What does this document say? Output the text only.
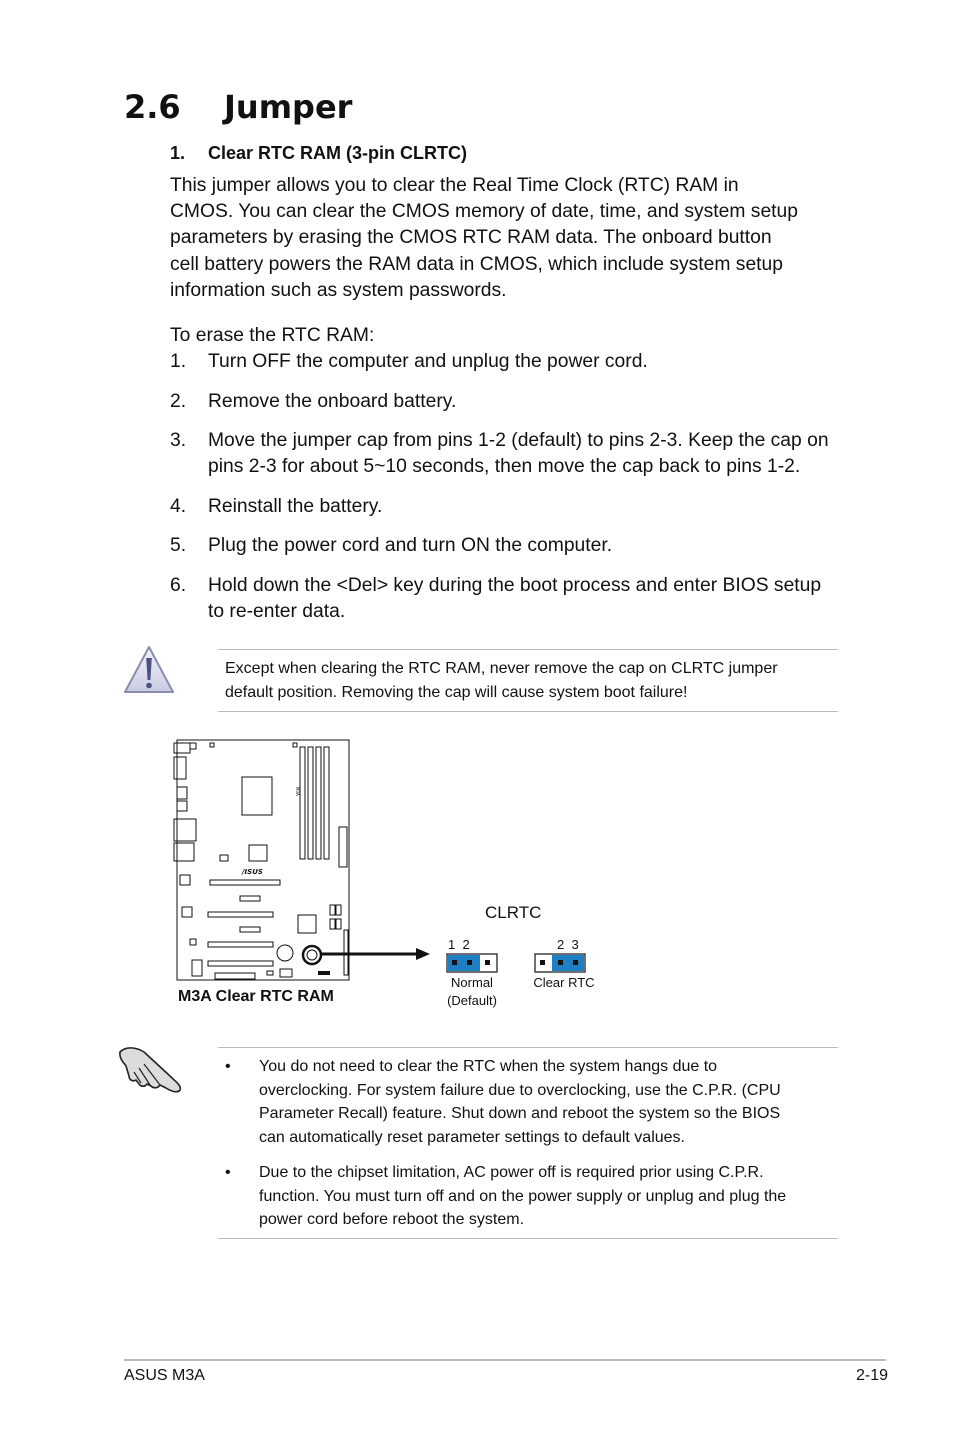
2.6 Jumper
1. Clear RTC RAM (3-pin CLRTC)
This jumper allows you to clear the Real Time Clock (RTC) RAM in
CMOS. You can clear the CMOS memory of date, time, and system setup
parameters by erasing the CMOS RTC RAM data. The onboard button
cell battery powers the RAM data in CMOS, which include system setup
information such as system passwords.
To erase the RTC RAM:
1. Turn OFF the computer and unplug the power cord.
2. Remove the onboard battery.
3. Move the jumper cap from pins 1-2 (default) to pins 2-3. Keep the cap on
pins 2-3 for about 5~10 seconds, then move the cap back to pins 1-2.
4. Reinstall the battery.
5. Plug the power cord and turn ON the computer.
6. Hold down the <Del> key during the boot process and enter BIOS setup
to re-enter data.
Except when clearing the RTC RAM, never remove the cap on CLRTC jumper
default position. Removing the cap will cause system boot failure!
/ISUS
M3A
CLRTC
1  2	2  3
Normal
(Default)
Clear RTC
M3A Clear RTC RAM
• You do not need to clear the RTC when the system hangs due to
overclocking. For system failure due to overclocking, use the C.P.R. (CPU
Parameter Recall) feature. Shut down and reboot the system so the BIOS
can automatically reset parameter settings to default values.
• Due to the chipset limitation, AC power off is required prior using C.P.R.
function. You must turn off and on the power supply or unplug and plug the
power cord before reboot the system.
ASUS M3A	2-19
